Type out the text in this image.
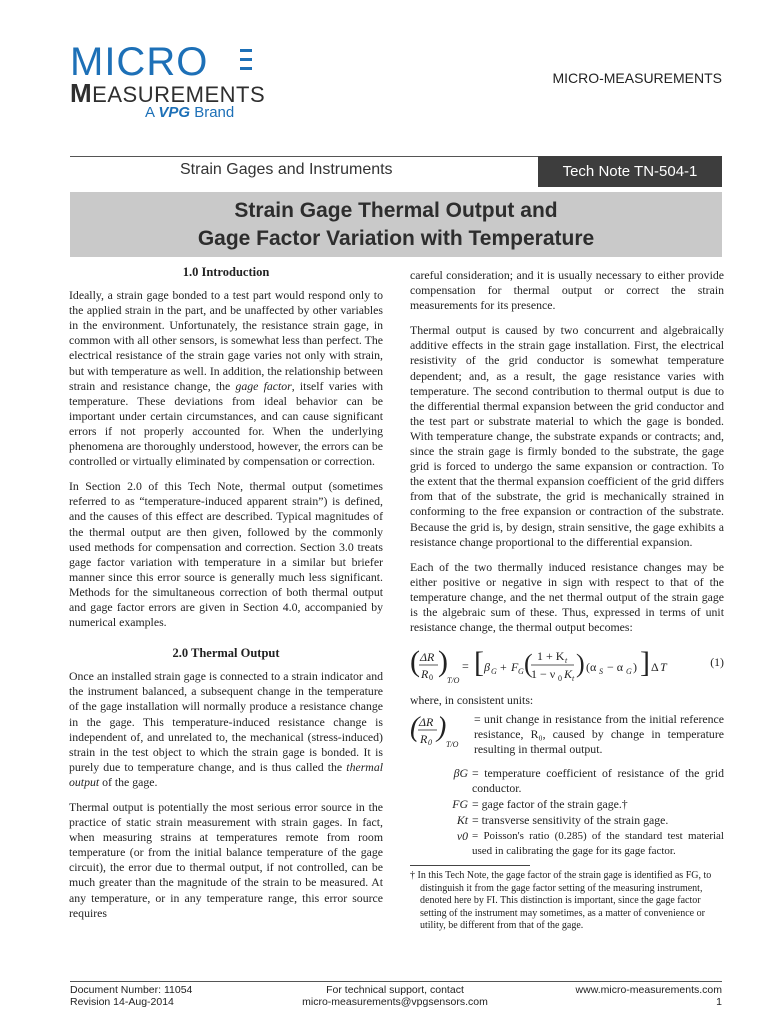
MICRO
MEASUREMENTS
A VPG Brand
MICRO-MEASUREMENTS
Strain Gages and Instruments	Tech Note TN-504-1
Strain Gage Thermal Output and
Gage Factor Variation with Temperature
1.0 Introduction

Ideally, a strain gage bonded to a test part would respond only to the applied strain in the part, and be unaffected by other variables in the environment. Unfortunately, the resistance strain gage, in common with all other sensors, is somewhat less than perfect. The electrical resistance of the strain gage varies not only with strain, but with temperature as well. In addition, the relationship between strain and resistance change, the gage factor, itself varies with temperature. These deviations from ideal behavior can be important under certain circumstances, and can cause significant errors if not properly accounted for. When the underlying phenomena are thoroughly understood, however, the errors can be controlled or virtually eliminated by compensation or correction.

In Section 2.0 of this Tech Note, thermal output (sometimes referred to as “temperature-induced apparent strain”) is defined, and the causes of this effect are described. Typical magnitudes of the thermal output are then given, followed by the commonly used methods for compensation and correction. Section 3.0 treats gage factor variation with temperature in a similar but briefer manner since this error source is generally much less significant. Methods for the simultaneous correction of both thermal output and gage factor errors are given in Section 4.0, accompanied by numerical examples.

2.0 Thermal Output

Once an installed strain gage is connected to a strain indicator and the instrument balanced, a subsequent change in the temperature of the gage installation will normally produce a resistance change in the gage. This temperature-induced resistance change is independent of, and unrelated to, the mechanical (stress-induced) strain in the test object to which the strain gage is bonded. It is purely due to temperature change, and is thus called the thermal output of the gage.

Thermal output is potentially the most serious error source in the practice of static strain measurement with strain gages. In fact, when measuring strains at temperatures remote from room temperature (or from the initial balance temperature of the gage circuit), the error due to thermal output, if not controlled, can be much greater than the magnitude of the strain to be measured. At any temperature, or in any temperature range, this error source requires

careful consideration; and it is usually necessary to either provide compensation for thermal output or correct the strain measurements for its presence.

Thermal output is caused by two concurrent and algebraically additive effects in the strain gage installation. First, the electrical resistivity of the grid conductor is somewhat temperature dependent; and, as a result, the gage resistance varies with temperature. The second contribution to thermal output is due to the differential thermal expansion between the grid conductor and the test part or substrate material to which the gage is bonded. With temperature change, the substrate expands or contracts; and, since the strain gage is firmly bonded to the substrate, the gage grid is forced to undergo the same expansion or contraction. To the extent that the thermal expansion coefficient of the grid differs from that of the substrate, the grid is mechanically strained in conforming to the free expansion or contraction of the substrate. Because the grid is, by design, strain sensitive, the gage exhibits a resistance change proportional to the differential expansion.

Each of the two thermally induced resistance changes may be either positive or negative in sign with respect to that of the temperature change, and the net thermal output of the strain gage is the algebraic sum of these. Thus, expressed in terms of unit resistance change, the thermal output becomes:

( ΔR
R 0 )
T/O
= [ β G + F G ( 1 + K t
1 − ν 0 K t
) (α S − α G ) ] Δ T	(1)
where, in consistent units:
( ΔR
R 0 )
T/O
= unit change in resistance from the initial reference resistance, R₀, caused by change in temperature resulting in thermal output.
βG = temperature coefficient of resistance of the grid conductor.
FG = gage factor of the strain gage.†
Kt = transverse sensitivity of the strain gage.
ν0 = Poisson's ratio (0.285) of the standard test material used in calibrating the gage for its gage factor.
† In this Tech Note, the gage factor of the strain gage is identified as FG, to distinguish it from the gage factor setting of the measuring instrument, denoted here by FI. This distinction is important, since the gage factor setting of the instrument may sometimes, as a matter of convenience or utility, be different from that of the gage.
Document Number: 11054
Revision 14-Aug-2014
For technical support, contact
micro-measurements@vpgsensors.com
www.micro-measurements.com
1
